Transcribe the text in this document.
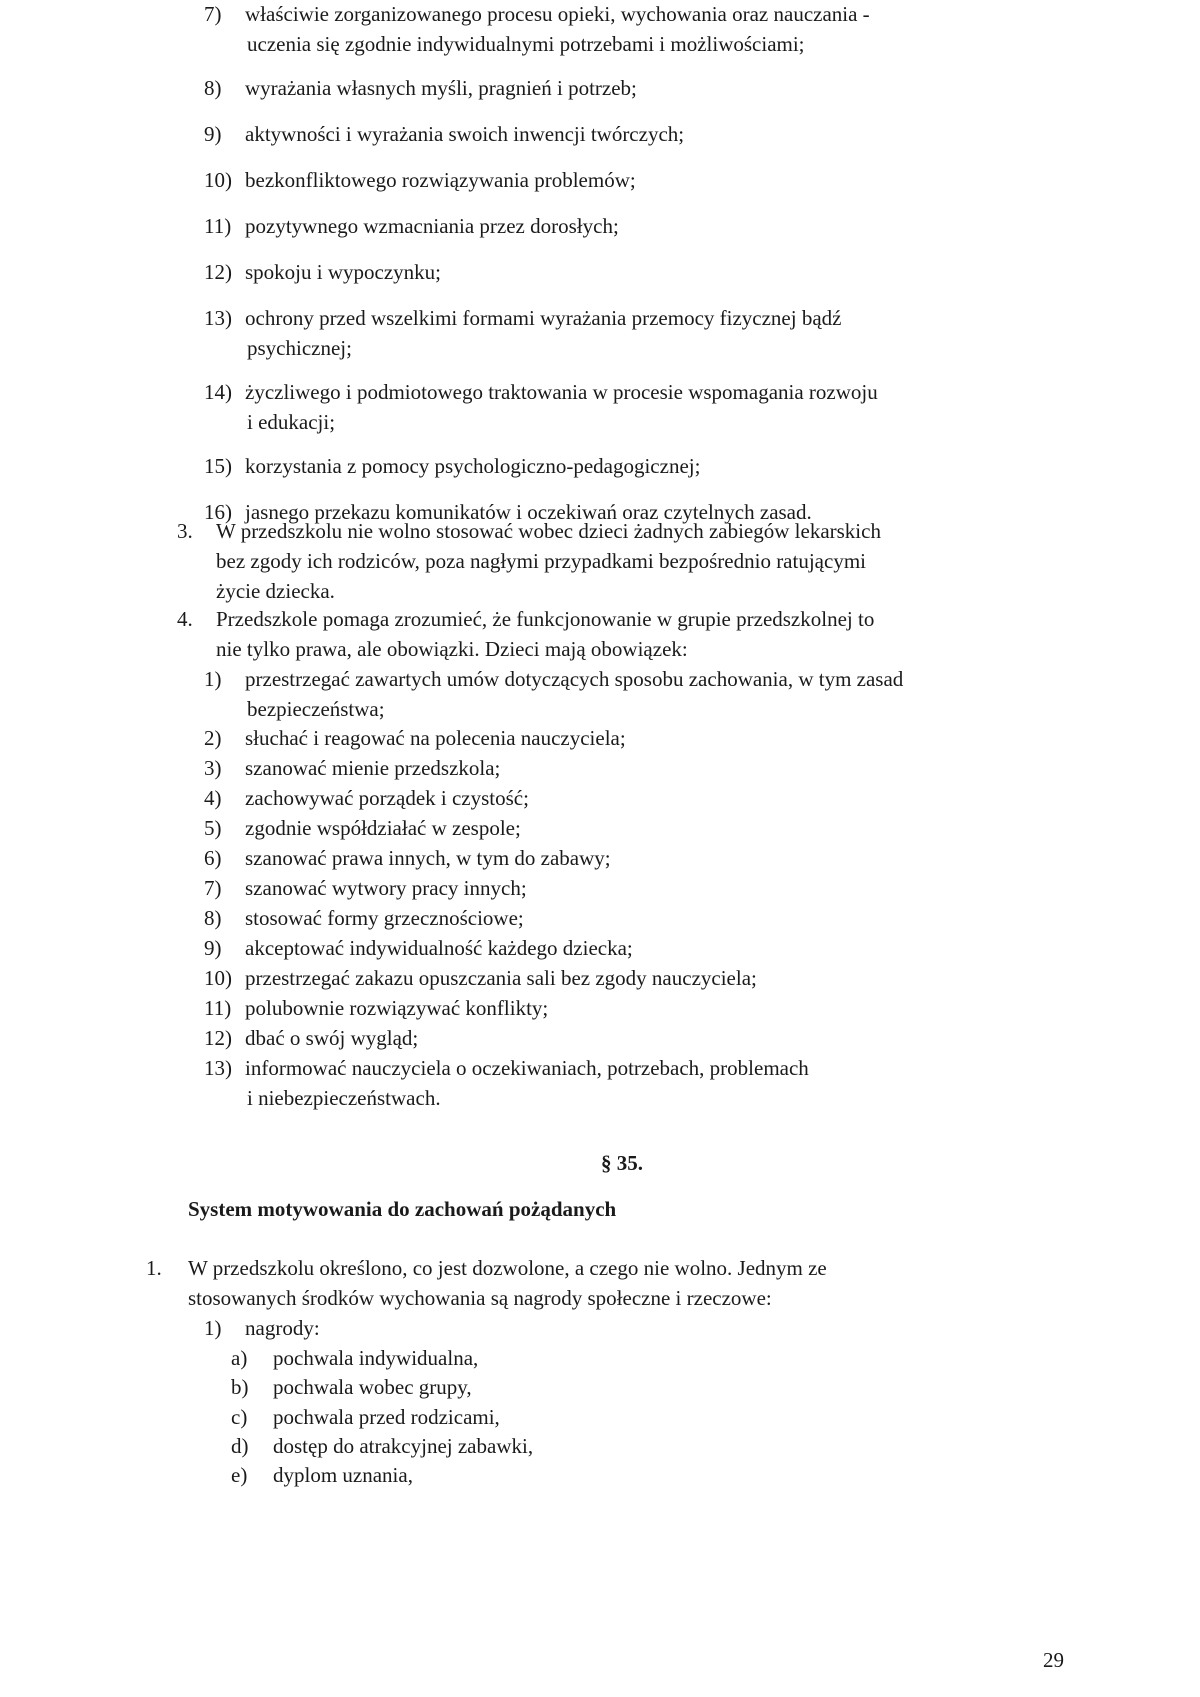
7) właściwie zorganizowanego procesu opieki, wychowania oraz nauczania -
uczenia się zgodnie indywidualnymi potrzebami i możliwościami;
8) wyrażania własnych myśli, pragnień i potrzeb;
9) aktywności i wyrażania swoich inwencji twórczych;
10) bezkonfliktowego rozwiązywania problemów;
11) pozytywnego wzmacniania przez dorosłych;
12) spokoju i wypoczynku;
13) ochrony przed wszelkimi formami wyrażania przemocy fizycznej bądź
psychicznej;
14) życzliwego i podmiotowego traktowania w procesie wspomagania rozwoju
i edukacji;
15) korzystania z pomocy psychologiczno-pedagogicznej;
16) jasnego przekazu komunikatów i oczekiwań oraz czytelnych zasad.
3. W przedszkolu nie wolno stosować wobec dzieci żadnych zabiegów lekarskich
bez zgody ich rodziców, poza nagłymi przypadkami bezpośrednio ratującymi
życie dziecka.
4. Przedszkole pomaga zrozumieć, że funkcjonowanie w grupie przedszkolnej to
nie tylko prawa, ale obowiązki. Dzieci mają obowiązek:
1) przestrzegać zawartych umów dotyczących sposobu zachowania, w tym zasad
bezpieczeństwa;
2) słuchać i reagować na polecenia nauczyciela;
3) szanować mienie przedszkola;
4) zachowywać porządek i czystość;
5) zgodnie współdziałać w zespole;
6) szanować prawa innych, w tym do zabawy;
7) szanować wytwory pracy innych;
8) stosować formy grzecznościowe;
9) akceptować indywidualność każdego dziecka;
10) przestrzegać zakazu opuszczania sali bez zgody nauczyciela;
11) polubownie rozwiązywać konflikty;
12) dbać o swój wygląd;
13) informować nauczyciela o oczekiwaniach, potrzebach, problemach
i niebezpieczeństwach.
§ 35.
System motywowania do zachowań pożądanych
1. W przedszkolu określono, co jest dozwolone, a czego nie wolno. Jednym ze
stosowanych środków wychowania są nagrody społeczne i rzeczowe:
1) nagrody:
a) pochwala indywidualna,
b) pochwala wobec grupy,
c) pochwala przed rodzicami,
d) dostęp do atrakcyjnej zabawki,
e) dyplom uznania,
29
